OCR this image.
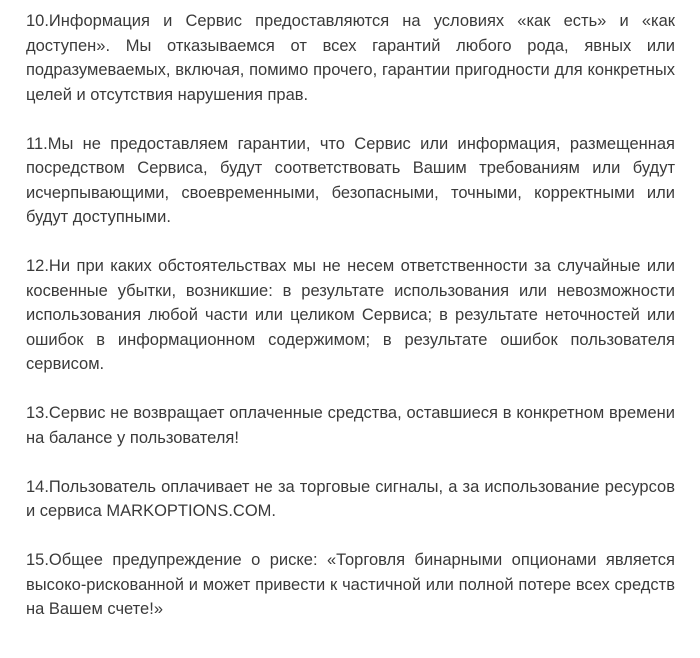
10.Информация и Сервис предоставляются на условиях «как есть» и «как доступен». Мы отказываемся от всех гарантий любого рода, явных или подразумеваемых, включая, помимо прочего, гарантии пригодности для конкретных целей и отсутствия нарушения прав.

11.Мы не предоставляем гарантии, что Сервис или информация, размещенная посредством Сервиса, будут соответствовать Вашим требованиям или будут исчерпывающими, своевременными, безопасными, точными, корректными или будут доступными.

12.Ни при каких обстоятельствах мы не несем ответственности за случайные или косвенные убытки, возникшие: в результате использования или невозможности использования любой части или целиком Сервиса; в результате неточностей или ошибок в информационном содержимом; в результате ошибок пользователя сервисом.

13.Сервис не возвращает оплаченные средства, оставшиеся в конкретном времени на балансе у пользователя!

14.Пользователь оплачивает не за торговые сигналы, а за использование ресурсов и сервиса MARKOPTIONS.COM.

15.Общее предупреждение о риске: «Торговля бинарными опционами является высоко-рискованной и может привести к частичной или полной потере всех средств на Вашем счете!»
